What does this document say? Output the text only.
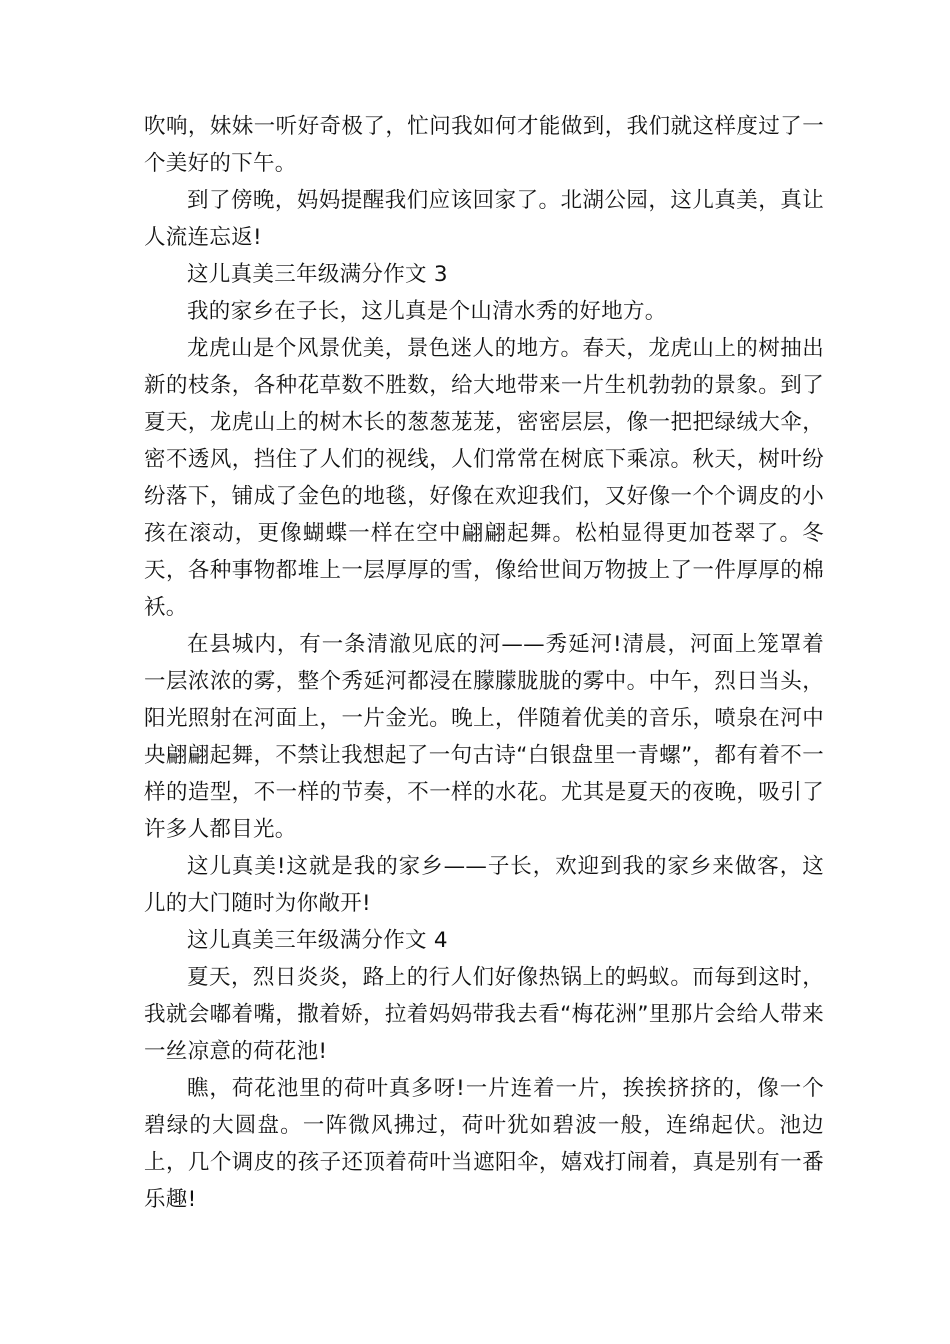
吹响，妹妹一听好奇极了，忙问我如何才能做到，我们就这样度过了一个美好的下午。

到了傍晚，妈妈提醒我们应该回家了。北湖公园，这儿真美，真让人流连忘返!

这儿真美三年级满分作文 3

我的家乡在子长，这儿真是个山清水秀的好地方。

龙虎山是个风景优美，景色迷人的地方。春天，龙虎山上的树抽出新的枝条，各种花草数不胜数，给大地带来一片生机勃勃的景象。到了夏天，龙虎山上的树木长的葱葱茏茏，密密层层，像一把把绿绒大伞，密不透风，挡住了人们的视线，人们常常在树底下乘凉。秋天，树叶纷纷落下，铺成了金色的地毯，好像在欢迎我们，又好像一个个调皮的小孩在滚动，更像蝴蝶一样在空中翩翩起舞。松柏显得更加苍翠了。冬天，各种事物都堆上一层厚厚的雪，像给世间万物披上了一件厚厚的棉袄。

在县城内，有一条清澈见底的河——秀延河!清晨，河面上笼罩着一层浓浓的雾，整个秀延河都浸在朦朦胧胧的雾中。中午，烈日当头，阳光照射在河面上，一片金光。晚上，伴随着优美的音乐，喷泉在河中央翩翩起舞，不禁让我想起了一句古诗“白银盘里一青螺”，都有着不一样的造型，不一样的节奏，不一样的水花。尤其是夏天的夜晚，吸引了许多人都目光。

这儿真美!这就是我的家乡——子长，欢迎到我的家乡来做客，这儿的大门随时为你敞开!

这儿真美三年级满分作文 4

夏天，烈日炎炎，路上的行人们好像热锅上的蚂蚁。而每到这时，我就会嘟着嘴，撒着娇，拉着妈妈带我去看“梅花洲”里那片会给人带来一丝凉意的荷花池!

瞧，荷花池里的荷叶真多呀!一片连着一片，挨挨挤挤的，像一个碧绿的大圆盘。一阵微风拂过，荷叶犹如碧波一般，连绵起伏。池边上，几个调皮的孩子还顶着荷叶当遮阳伞，嬉戏打闹着，真是别有一番乐趣!
